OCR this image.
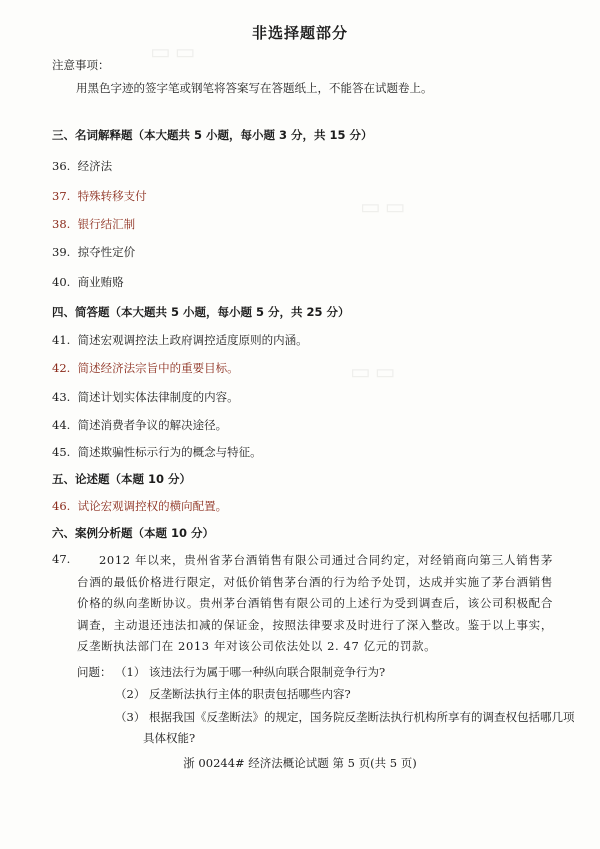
▭▭
▭▭
▭▭
非选择题部分
注意事项：
用黑色字迹的签字笔或钢笔将答案写在答题纸上，不能答在试题卷上。
三、名词解释题（本大题共 5 小题，每小题 3 分，共 15 分）
36. 经济法
37. 特殊转移支付
38. 银行结汇制
39. 掠夺性定价
40. 商业贿赂
四、简答题（本大题共 5 小题，每小题 5 分，共 25 分）
41. 简述宏观调控法上政府调控适度原则的内涵。
42. 简述经济法宗旨中的重要目标。
43. 简述计划实体法律制度的内容。
44. 简述消费者争议的解决途径。
45. 简述欺骗性标示行为的概念与特征。
五、论述题（本题 10 分）
46. 试论宏观调控权的横向配置。
六、案例分析题（本题 10 分）
47.	2012 年以来，贵州省茅台酒销售有限公司通过合同约定，对经销商向第三人销售茅台酒的最低价格进行限定，对低价销售茅台酒的行为给予处罚，达成并实施了茅台酒销售价格的纵向垄断协议。贵州茅台酒销售有限公司的上述行为受到调查后，该公司积极配合调查，主动退还违法扣减的保证金，按照法律要求及时进行了深入整改。鉴于以上事实，反垄断执法部门在 2013 年对该公司依法处以 2. 47 亿元的罚款。
问题： （1） 该违法行为属于哪一种纵向联合限制竞争行为?
（2） 反垄断法执行主体的职责包括哪些内容?
（3） 根据我国《反垄断法》的规定，国务院反垄断法执行机构所享有的调查权包括哪几项具体权能?
浙 00244# 经济法概论试题 第 5 页(共 5 页)
